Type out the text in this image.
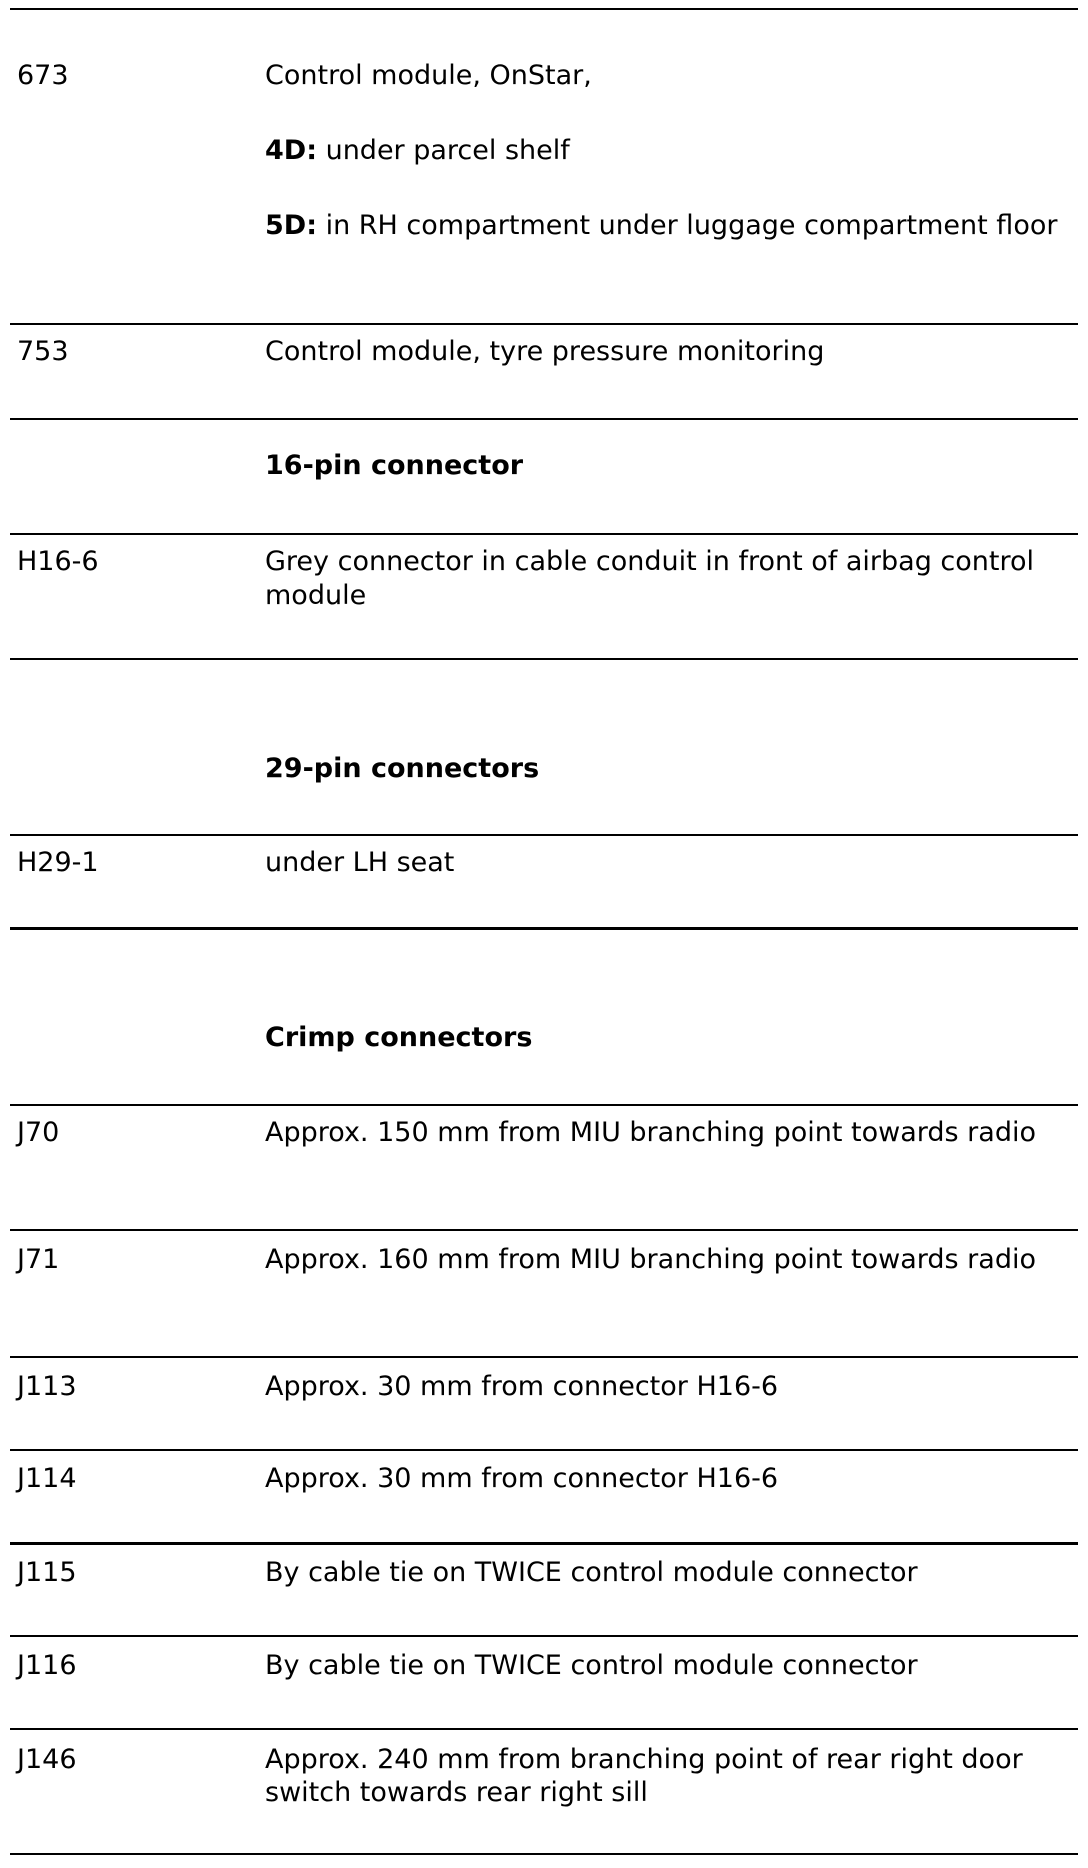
673	Control module, OnStar,
4D: under parcel shelf
5D: in RH compartment under luggage compartment floor
753	Control module, tyre pressure monitoring
16-pin connector
H16-6	Grey connector in cable conduit in front of airbag control module
29-pin connectors
H29-1	under LH seat
Crimp connectors
J70	Approx. 150 mm from MIU branching point towards radio
J71	Approx. 160 mm from MIU branching point towards radio
J113	Approx. 30 mm from connector H16-6
J114	Approx. 30 mm from connector H16-6
J115	By cable tie on TWICE control module connector
J116	By cable tie on TWICE control module connector
J146	Approx. 240 mm from branching point of rear right door switch towards rear right sill
